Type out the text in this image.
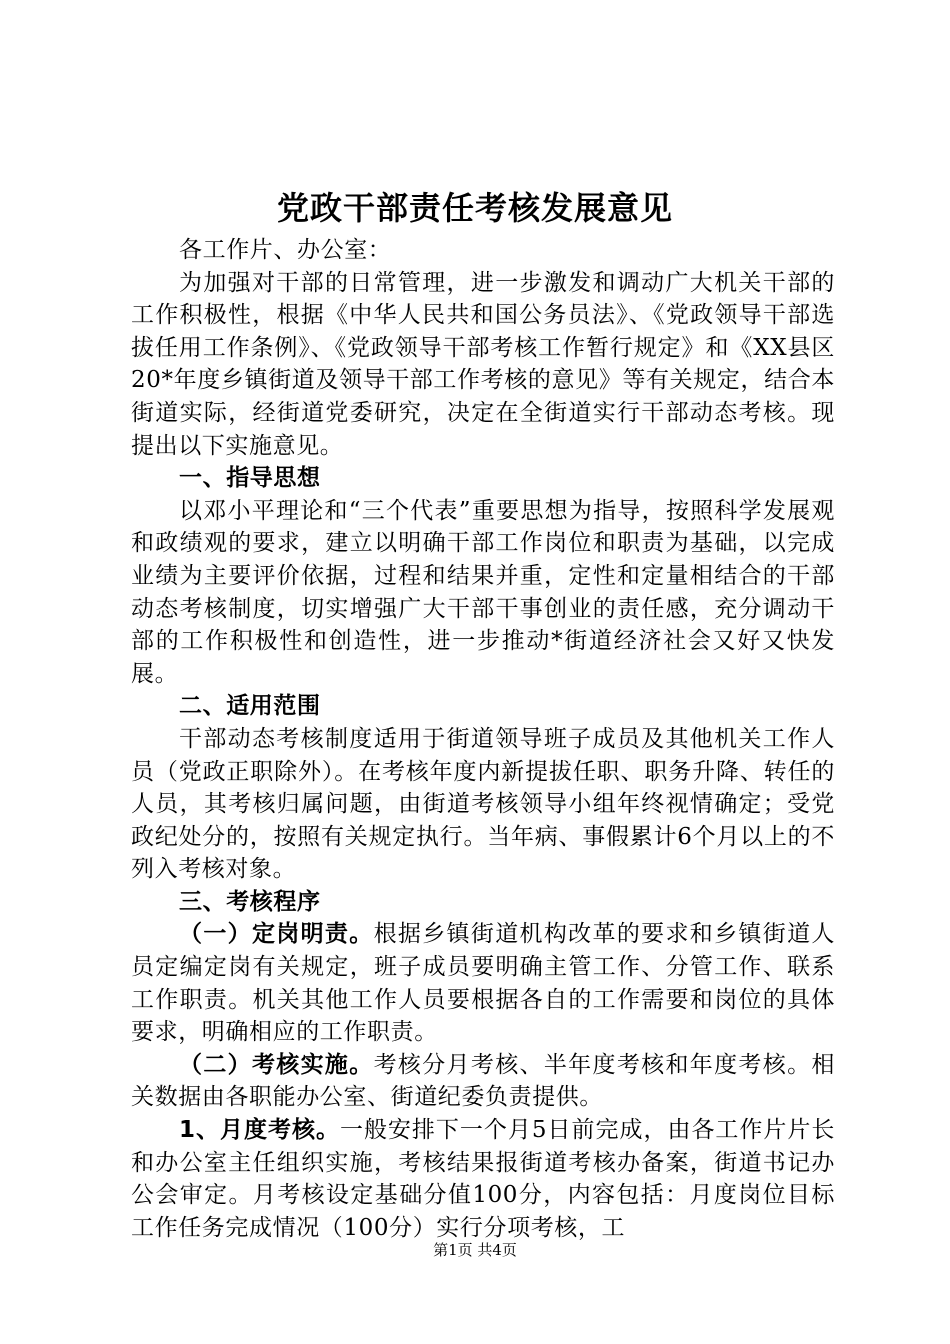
党政干部责任考核发展意见

各工作片、办公室：

为加强对干部的日常管理，进一步激发和调动广大机关干部的工作积极性，根据《中华人民共和国公务员法》、《党政领导干部选拔任用工作条例》、《党政领导干部考核工作暂行规定》和《XX县区20*年度乡镇街道及领导干部工作考核的意见》等有关规定，结合本街道实际，经街道党委研究，决定在全街道实行干部动态考核。现提出以下实施意见。

一、指导思想

以邓小平理论和“三个代表”重要思想为指导，按照科学发展观和政绩观的要求，建立以明确干部工作岗位和职责为基础，以完成业绩为主要评价依据，过程和结果并重，定性和定量相结合的干部动态考核制度，切实增强广大干部干事创业的责任感，充分调动干部的工作积极性和创造性，进一步推动*街道经济社会又好又快发展。

二、适用范围

干部动态考核制度适用于街道领导班子成员及其他机关工作人员（党政正职除外）。在考核年度内新提拔任职、职务升降、转任的人员，其考核归属问题，由街道考核领导小组年终视情确定；受党政纪处分的，按照有关规定执行。当年病、事假累计6个月以上的不列入考核对象。

三、考核程序

（一）定岗明责。根据乡镇街道机构改革的要求和乡镇街道人员定编定岗有关规定，班子成员要明确主管工作、分管工作、联系工作职责。机关其他工作人员要根据各自的工作需要和岗位的具体要求，明确相应的工作职责。

（二）考核实施。考核分月考核、半年度考核和年度考核。相关数据由各职能办公室、街道纪委负责提供。

1、月度考核。一般安排下一个月5日前完成，由各工作片片长和办公室主任组织实施，考核结果报街道考核办备案，街道书记办公会审定。月考核设定基础分值100分，内容包括：月度岗位目标工作任务完成情况（100分）实行分项考核，工

第1页 共4页
